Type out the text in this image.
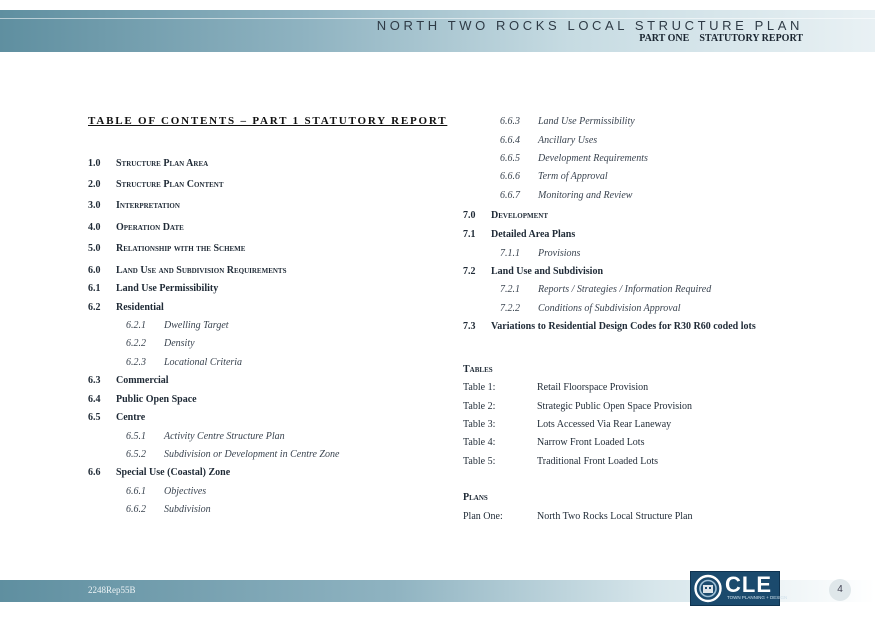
NORTH TWO ROCKS LOCAL STRUCTURE PLAN
PART ONE STATUTORY REPORT
TABLE OF CONTENTS – PART 1 STATUTORY REPORT
1.0 Structure Plan Area
2.0 Structure Plan Content
3.0 Interpretation
4.0 Operation Date
5.0 Relationship with the Scheme
6.0 Land Use and Subdivision Requirements
6.1 Land Use Permissibility
6.2 Residential
6.2.1 Dwelling Target
6.2.2 Density
6.2.3 Locational Criteria
6.3 Commercial
6.4 Public Open Space
6.5 Centre
6.5.1 Activity Centre Structure Plan
6.5.2 Subdivision or Development in Centre Zone
6.6 Special Use (Coastal) Zone
6.6.1 Objectives
6.6.2 Subdivision
6.6.3 Land Use Permissibility
6.6.4 Ancillary Uses
6.6.5 Development Requirements
6.6.6 Term of Approval
6.6.7 Monitoring and Review
7.0 Development
7.1 Detailed Area Plans
7.1.1 Provisions
7.2 Land Use and Subdivision
7.2.1 Reports / Strategies / Information Required
7.2.2 Conditions of Subdivision Approval
7.3 Variations to Residential Design Codes for R30 R60 coded lots
Tables
Table 1:	Retail Floorspace Provision
Table 2:	Strategic Public Open Space Provision
Table 3:	Lots Accessed Via Rear Laneway
Table 4:	Narrow Front Loaded Lots
Table 5:	Traditional Front Loaded Lots
Plans
Plan One:	North Two Rocks Local Structure Plan
2248Rep55B	CLE
TOWN PLANNING + DESIGN
4
